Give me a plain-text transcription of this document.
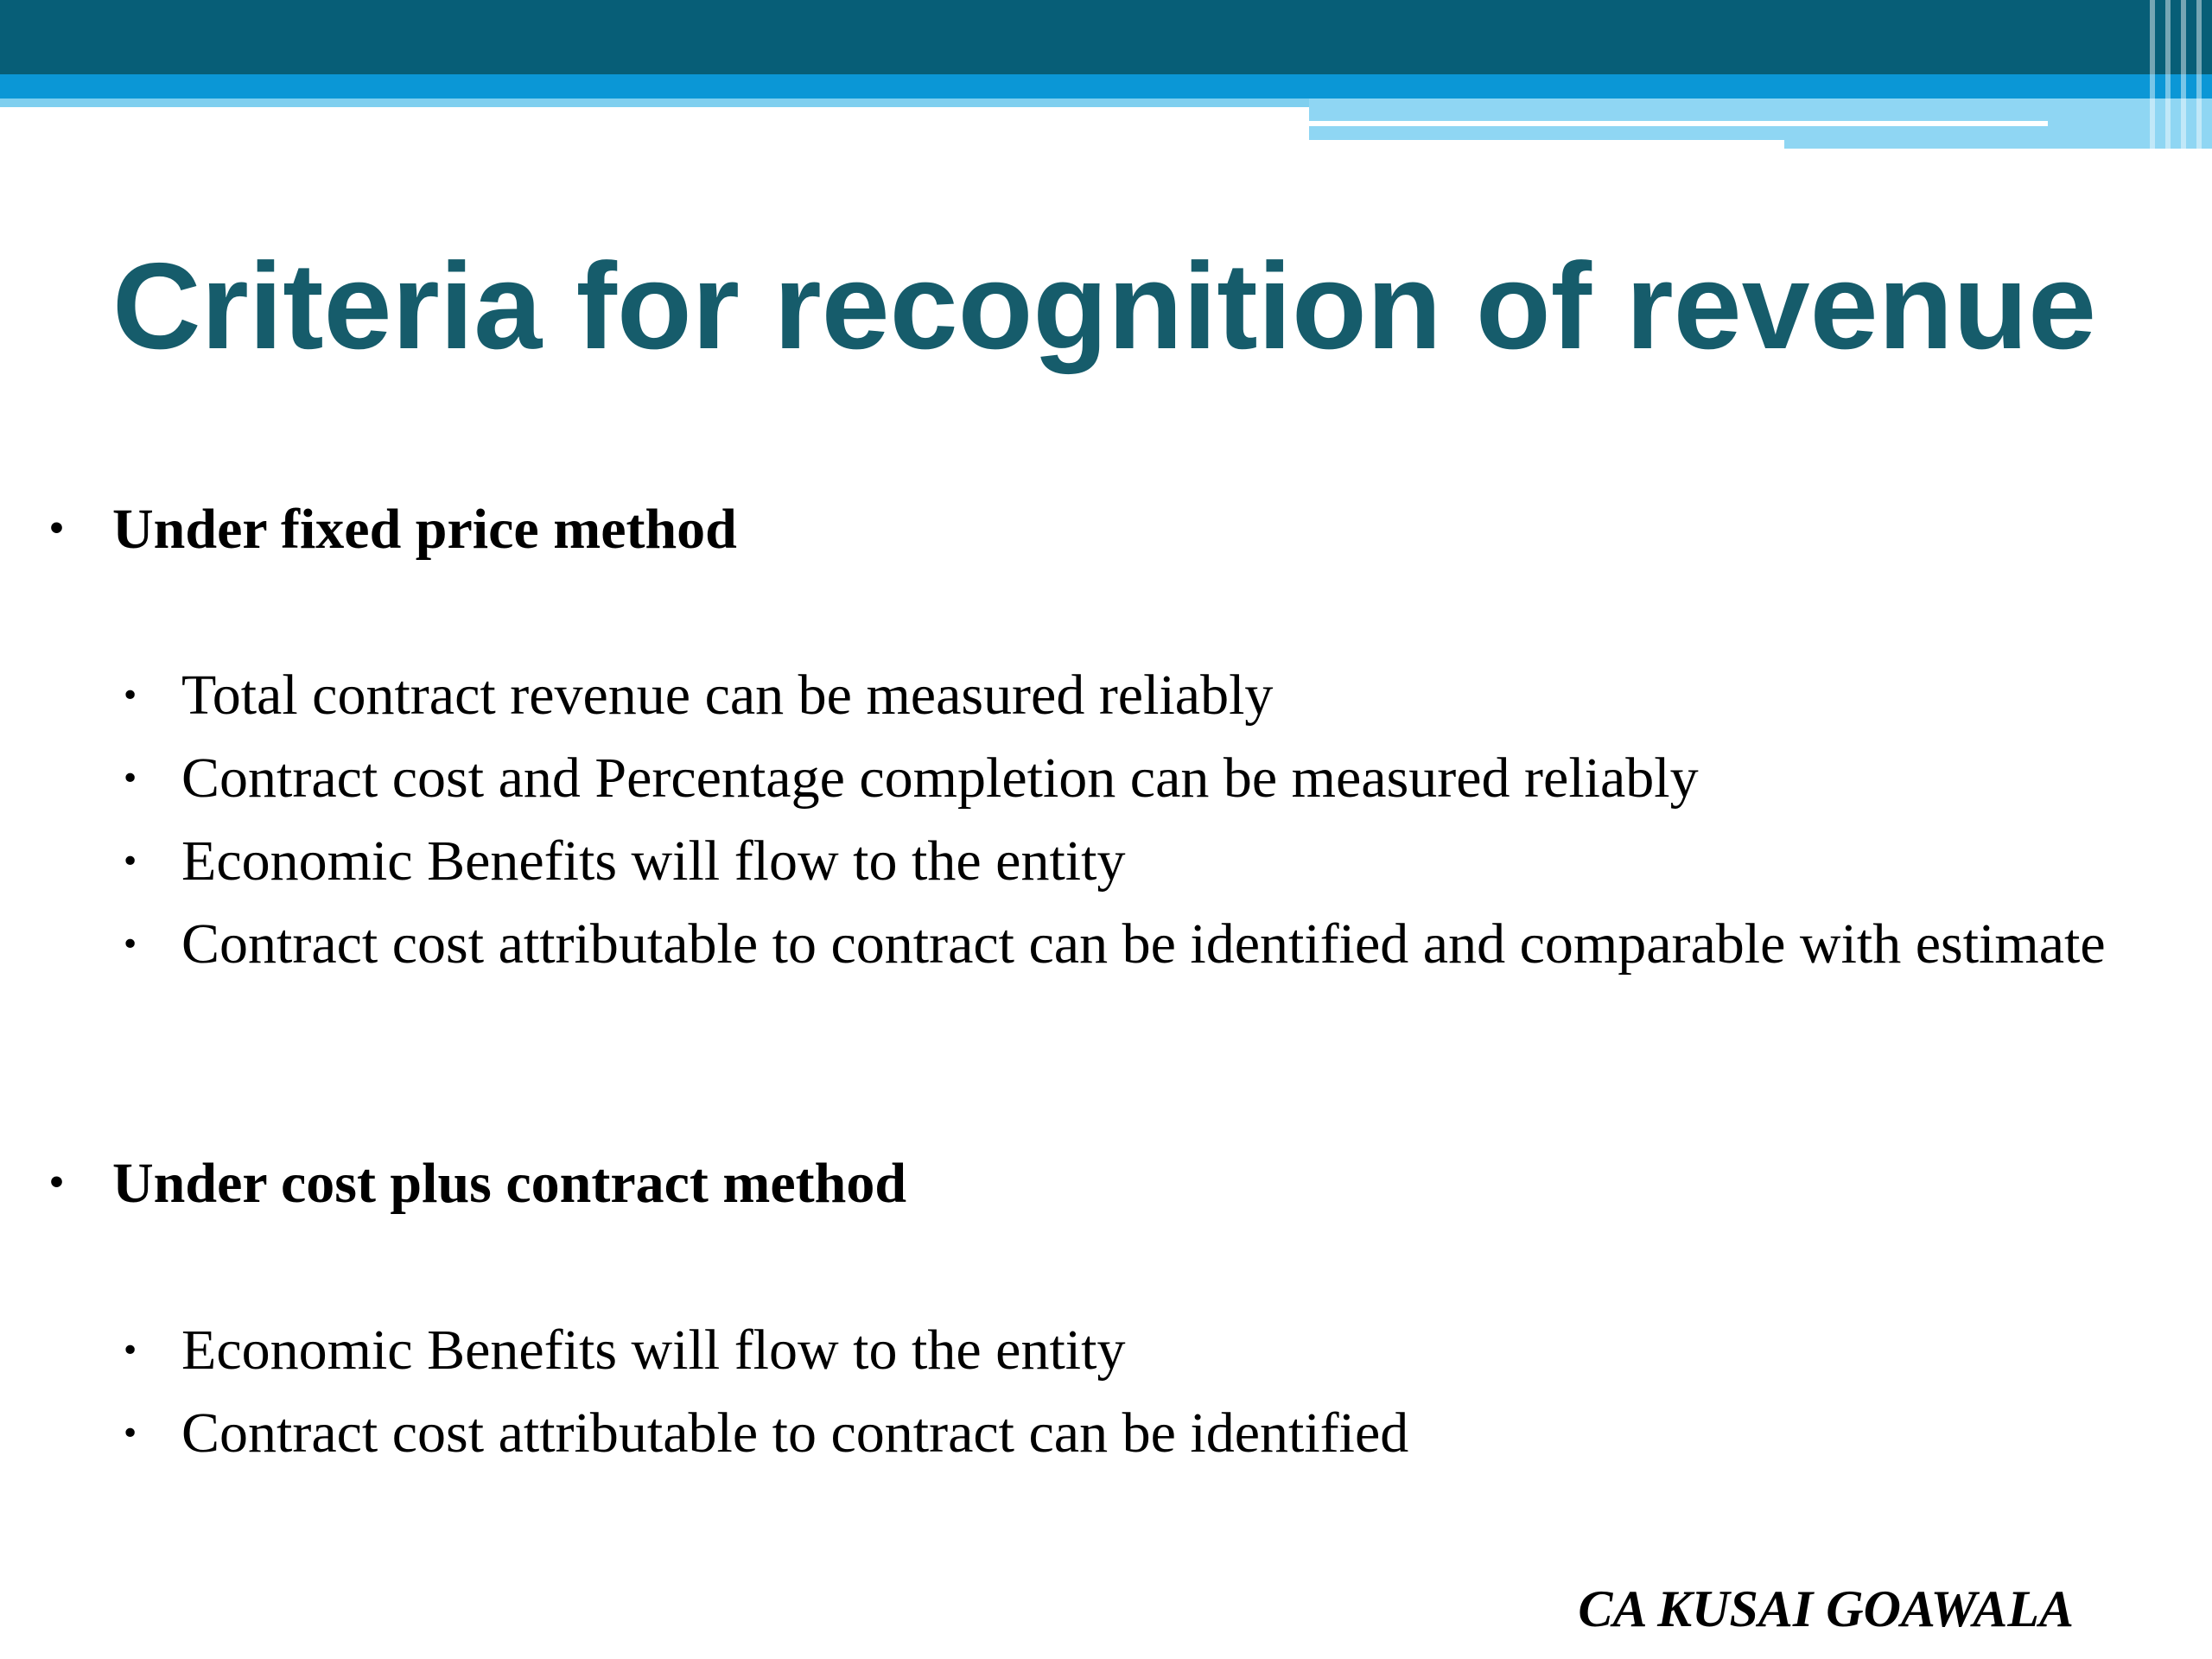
Criteria for recognition of revenue

• Under fixed price method

• Total contract revenue can be measured reliably

• Contract cost and Percentage completion can be measured reliably

• Economic Benefits will flow to the entity

• Contract cost attributable to contract can be identified and comparable with estimate

• Under cost plus contract method

• Economic Benefits will flow to the entity

• Contract cost attributable to contract can be identified

CA KUSAI GOAWALA
